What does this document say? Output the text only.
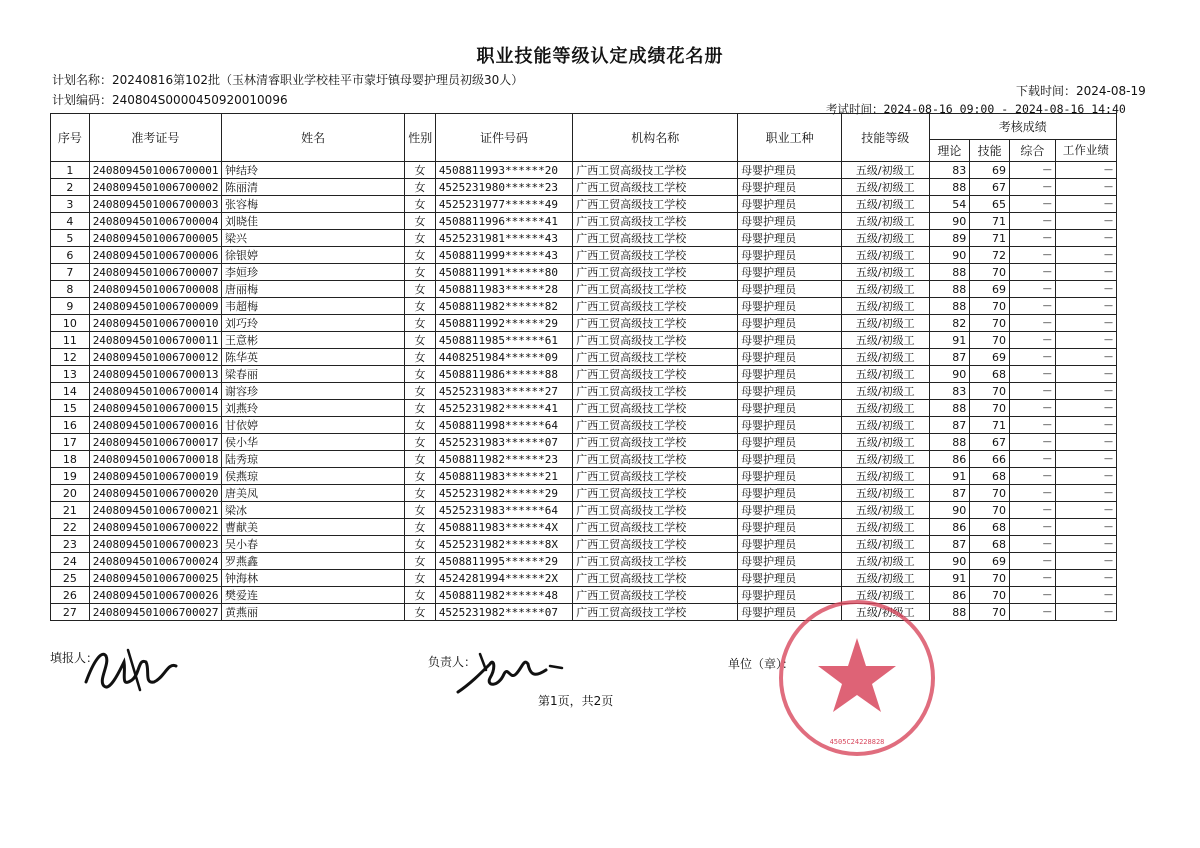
职业技能等级认定成绩花名册
计划名称：20240816第102批（玉林清睿职业学校桂平市蒙圩镇母婴护理员初级30人）
计划编码：240804S0000450920010096
下载时间：2024-08-19
考试时间：2024-08-16 09:00 - 2024-08-16 14:40
序号	准考证号	姓名	性别	证件号码	机构名称	职业工种	技能等级	考核成绩			
								理论	技能	综合	工作业绩
1	2408094501006700001	钟结玲	女	4508811993******20	广西工贸高级技工学校	母婴护理员	五级/初级工	83	69	—	—
2	2408094501006700002	陈丽清	女	4525231980******23	广西工贸高级技工学校	母婴护理员	五级/初级工	88	67	—	—
3	2408094501006700003	张容梅	女	4525231977******49	广西工贸高级技工学校	母婴护理员	五级/初级工	54	65	—	—
4	2408094501006700004	刘晓佳	女	4508811996******41	广西工贸高级技工学校	母婴护理员	五级/初级工	90	71	—	—
5	2408094501006700005	梁兴	女	4525231981******43	广西工贸高级技工学校	母婴护理员	五级/初级工	89	71	—	—
6	2408094501006700006	徐银婷	女	4508811999******43	广西工贸高级技工学校	母婴护理员	五级/初级工	90	72	—	—
7	2408094501006700007	李姮珍	女	4508811991******80	广西工贸高级技工学校	母婴护理员	五级/初级工	88	70	—	—
8	2408094501006700008	唐丽梅	女	4508811983******28	广西工贸高级技工学校	母婴护理员	五级/初级工	88	69	—	—
9	2408094501006700009	韦超梅	女	4508811982******82	广西工贸高级技工学校	母婴护理员	五级/初级工	88	70	—	—
10	2408094501006700010	刘巧玲	女	4508811992******29	广西工贸高级技工学校	母婴护理员	五级/初级工	82	70	—	—
11	2408094501006700011	王意彬	女	4508811985******61	广西工贸高级技工学校	母婴护理员	五级/初级工	91	70	—	—
12	2408094501006700012	陈华英	女	4408251984******09	广西工贸高级技工学校	母婴护理员	五级/初级工	87	69	—	—
13	2408094501006700013	梁春丽	女	4508811986******88	广西工贸高级技工学校	母婴护理员	五级/初级工	90	68	—	—
14	2408094501006700014	谢容珍	女	4525231983******27	广西工贸高级技工学校	母婴护理员	五级/初级工	83	70	—	—
15	2408094501006700015	刘燕玲	女	4525231982******41	广西工贸高级技工学校	母婴护理员	五级/初级工	88	70	—	—
16	2408094501006700016	甘依婷	女	4508811998******64	广西工贸高级技工学校	母婴护理员	五级/初级工	87	71	—	—
17	2408094501006700017	侯小华	女	4525231983******07	广西工贸高级技工学校	母婴护理员	五级/初级工	88	67	—	—
18	2408094501006700018	陆秀琼	女	4508811982******23	广西工贸高级技工学校	母婴护理员	五级/初级工	86	66	—	—
19	2408094501006700019	侯燕琼	女	4508811983******21	广西工贸高级技工学校	母婴护理员	五级/初级工	91	68	—	—
20	2408094501006700020	唐美凤	女	4525231982******29	广西工贸高级技工学校	母婴护理员	五级/初级工	87	70	—	—
21	2408094501006700021	梁冰	女	4525231983******64	广西工贸高级技工学校	母婴护理员	五级/初级工	90	70	—	—
22	2408094501006700022	曹献美	女	4508811983******4X	广西工贸高级技工学校	母婴护理员	五级/初级工	86	68	—	—
23	2408094501006700023	吴小春	女	4525231982******8X	广西工贸高级技工学校	母婴护理员	五级/初级工	87	68	—	—
24	2408094501006700024	罗燕鑫	女	4508811995******29	广西工贸高级技工学校	母婴护理员	五级/初级工	90	69	—	—
25	2408094501006700025	钟海林	女	4524281994******2X	广西工贸高级技工学校	母婴护理员	五级/初级工	91	70	—	—
26	2408094501006700026	樊爱连	女	4508811982******48	广西工贸高级技工学校	母婴护理员	五级/初级工	86	70	—	—
27	2408094501006700027	黄燕丽	女	4525231982******07	广西工贸高级技工学校	母婴护理员	五级/初级工	88	70	—	—
填报人：	负责人：	单位（章）：
第1页，共2页
4505C24228828
